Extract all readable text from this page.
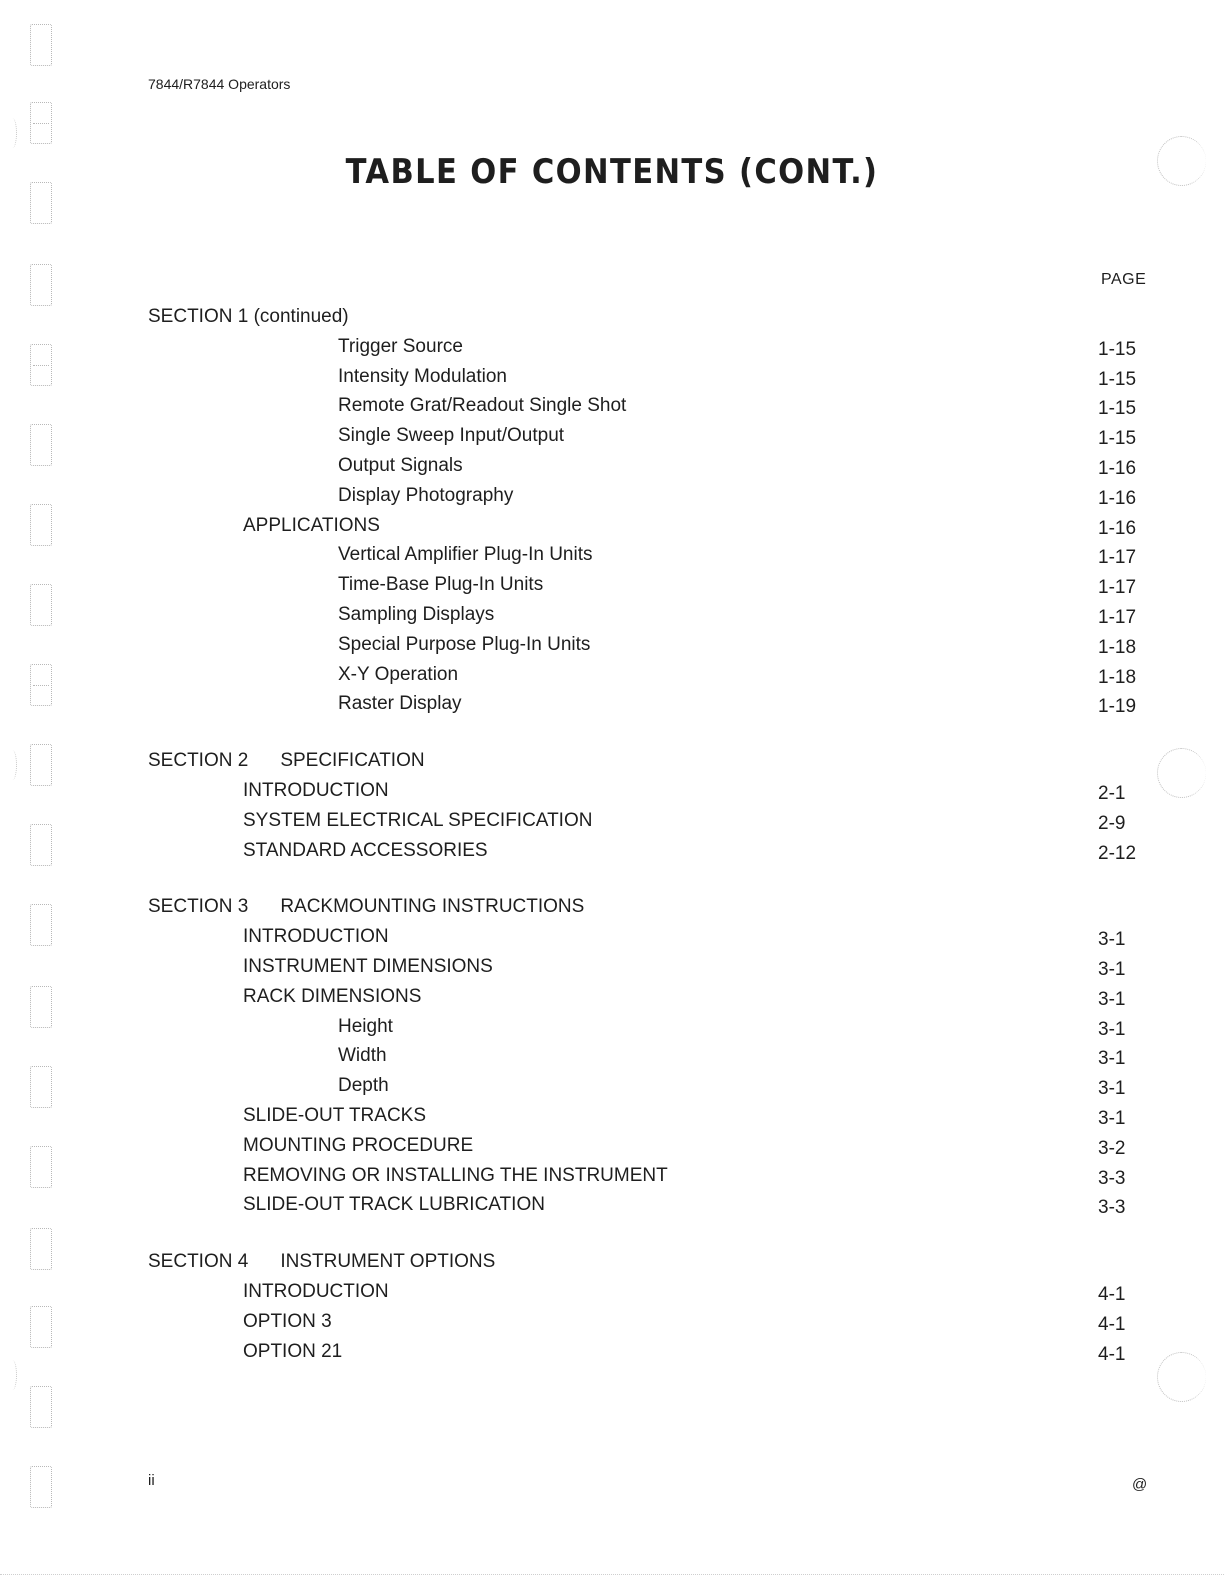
7844/R7844 Operators
TABLE OF CONTENTS (CONT.)
PAGE
SECTION 1 (continued)
Trigger Source	1-15
Intensity Modulation	1-15
Remote Grat/Readout Single Shot	1-15
Single Sweep Input/Output	1-15
Output Signals	1-16
Display Photography	1-16
APPLICATIONS	1-16
Vertical Amplifier Plug-In Units	1-17
Time-Base Plug-In Units	1-17
Sampling Displays	1-17
Special Purpose Plug-In Units	1-18
X-Y Operation	1-18
Raster Display	1-19
SECTION 2 SPECIFICATION
INTRODUCTION	2-1
SYSTEM ELECTRICAL SPECIFICATION	2-9
STANDARD ACCESSORIES	2-12
SECTION 3 RACKMOUNTING INSTRUCTIONS
INTRODUCTION	3-1
INSTRUMENT DIMENSIONS	3-1
RACK DIMENSIONS	3-1
Height	3-1
Width	3-1
Depth	3-1
SLIDE-OUT TRACKS	3-1
MOUNTING PROCEDURE	3-2
REMOVING OR INSTALLING THE INSTRUMENT	3-3
SLIDE-OUT TRACK LUBRICATION	3-3
SECTION 4 INSTRUMENT OPTIONS
INTRODUCTION	4-1
OPTION 3	4-1
OPTION 21	4-1
ii	@
